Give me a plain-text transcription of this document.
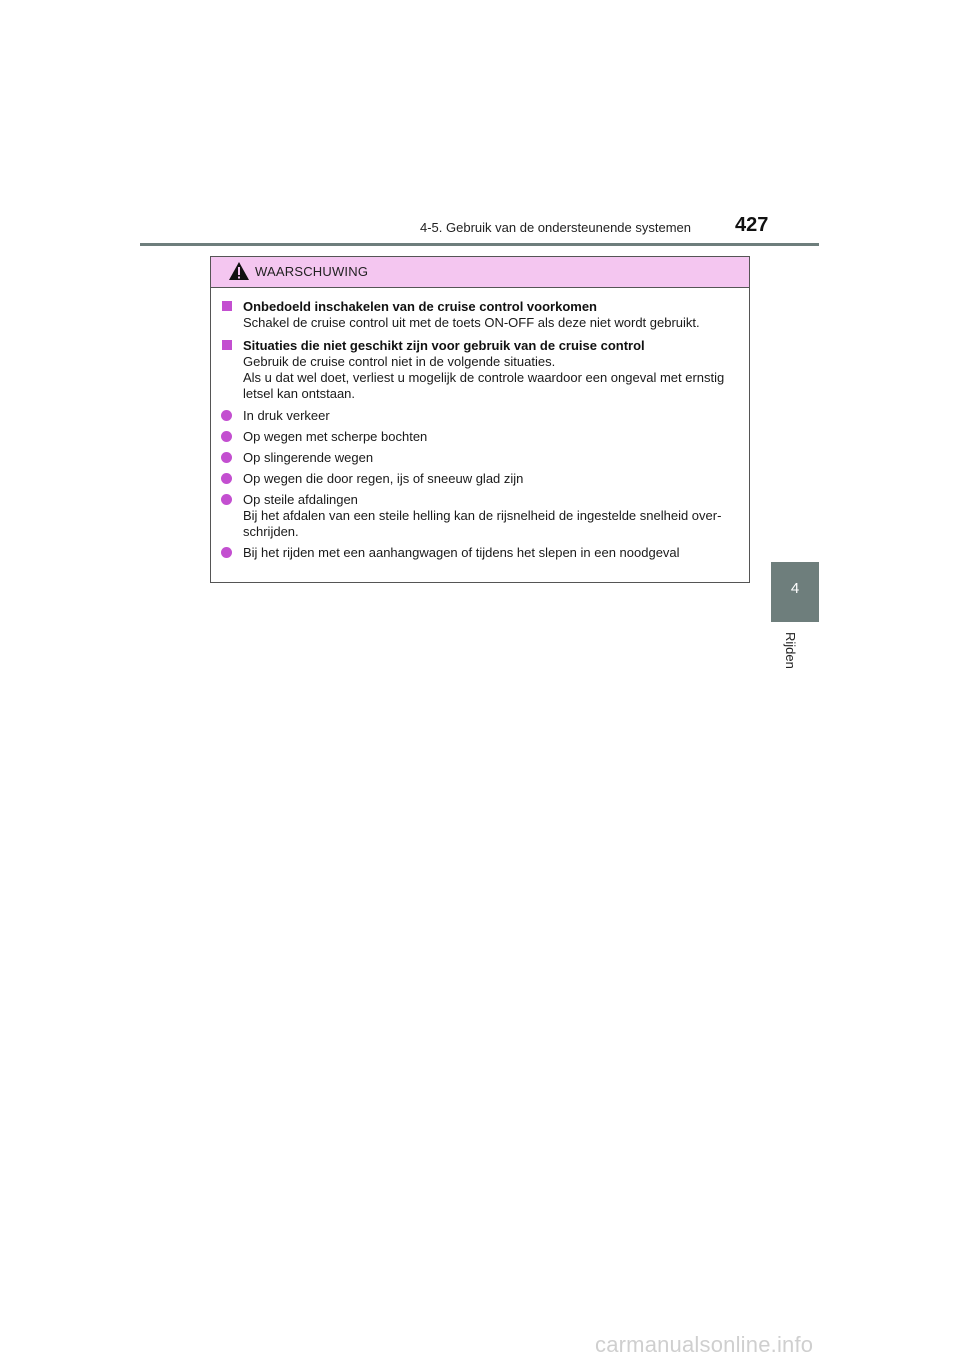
4-5. Gebruik van de ondersteunende systemen 427
4
Rijden
WAARSCHUWING
Onbedoeld inschakelen van de cruise control voorkomen
Schakel de cruise control uit met de toets ON-OFF als deze niet wordt gebruikt.
Situaties die niet geschikt zijn voor gebruik van de cruise control
Gebruik de cruise control niet in de volgende situaties.
Als u dat wel doet, verliest u mogelijk de controle waardoor een ongeval met ernstig
letsel kan ontstaan.
In druk verkeer
Op wegen met scherpe bochten
Op slingerende wegen
Op wegen die door regen, ijs of sneeuw glad zijn
Op steile afdalingen
Bij het afdalen van een steile helling kan de rijsnelheid de ingestelde snelheid over-
schrijden.
Bij het rijden met een aanhangwagen of tijdens het slepen in een noodgeval
carmanualsonline.info
